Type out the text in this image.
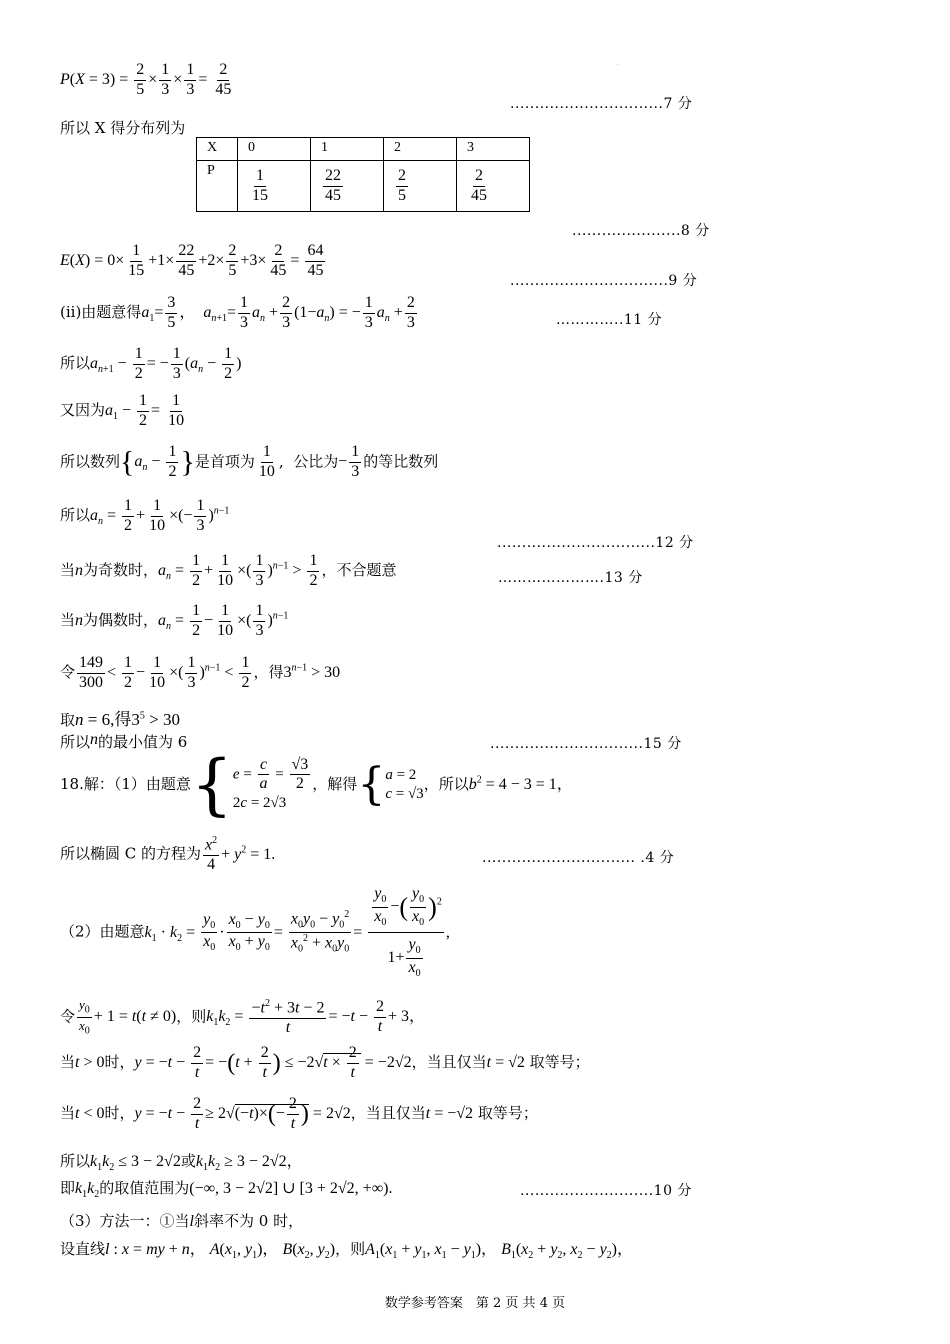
$P(X = 3) = \frac{2}{5} \times \frac{1}{3} \times \frac{1}{3} = \frac{2}{45}$	·
...............................7 分
所以 X 得分布列为
X	0	1	2	3
P	$\frac{1}{15}$	$\frac{22}{45}$	$\frac{2}{5}$	$\frac{2}{45}$
......................8 分
$E(X) = 0\times \frac{1}{15} +1\times \frac{22}{45} +2\times \frac{2}{5} +3\times \frac{2}{45} = \frac{64}{45}$
................................9 分
(ii)由题意得$a_1= \frac{3}{5}$ ，  $a_{n+1}= \frac{1}{3} a_n + \frac{2}{3} (1-a_n)$ = − $\frac{1}{3} a_n + \frac{2}{3}$	…………..11 分
所以$a_{n+1} - \frac{1}{2}$ = − $\frac{1}{3} (a_n - \frac{1}{2}$ )
又因为$a_1 - \frac{1}{2} = \frac{1}{10}$
所以数列{$a_n - \frac{1}{2}$ }是首项为 $\frac{1}{10}$ ,  公比为− $\frac{1}{3}$ 的等比数列
所以$a_n = \frac{1}{2} + \frac{1}{10}$ ×(− $\frac{1}{3} )^{n-1}$
................................12 分
当n为奇数时，$a_n = \frac{1}{2} + \frac{1}{10}$ ×( $\frac{1}{3} )^{n-1} > \frac{1}{2}$ ，不合题意	………………….13 分
当n为偶数时，$a_n = \frac{1}{2} - \frac{1}{10}$ ×( $\frac{1}{3} )^{n-1}$
令 $\frac{149}{300} < \frac{1}{2} - \frac{1}{10}$ ×( $\frac{1}{3} )^{n-1} < \frac{1}{2}$ ，得$3^{n-1} > 30$
取n = 6,得$3^5 > 30$
所以n的最小值为 6	...............................15 分
18.解：（1）由题意{ $e = \frac{c}{a} = \frac{√3}{2}$
2c = 2√3
，解得{ a = 2
c = √3
，所以$b^2 = 4 - 3 = 1$，
所以椭圆 C 的方程为 $\frac{x^2}{4} + y^2 = 1$.	............................... .4 分
（2）由题意$k_1 \cdot k_2 = \frac{y_0}{x_0} \cdot \frac{x_0 - y_0}{x_0 + y_0} = \frac{x_0y_0 - y_0^2}{x_0^2 + x_0y_0} = \frac{\frac{y_0}{x_0} -( \frac{y_0}{x_0} )^2}{1+ \frac{y_0}{x_0}}$ ,
令 $\frac{y_0}{x_0} + 1 = t(t \ne 0)$，则$k_1k_2 = \frac{-t^2 + 3t - 2}{t} = -t - \frac{2}{t} + 3$，
当t > 0时，$y = -t - \frac{2}{t} = -(t + \frac{2}{t}$ ) ≤ $-2√t \times \frac{2}{t} = -2√2$，当且仅当t = √2 取等号；
当t < 0时，$y = -t - \frac{2}{t} \ge 2√(-t)\times(- \frac{2}{t}$ ) = 2√2，当且仅当t = −√2 取等号；
所以$k_1k_2 \le 3 - 2√2$或$k_1k_2 \ge 3 - 2√2$，
即$k_1k_2$的取值范围为(−∞, 3 − 2√2] ∪ [3 + 2√2, +∞).	...........................10 分
（3）方法一：①当l斜率不为 0 时，
设直线l : x = my + n， $A(x_1$, $y_1$)， $B(x_2$, $y_2$)，则$A_1(x_1 + y_1$, $x_1 - y_1$)， $B_1(x_2 + y_2$, $x_2 - y_2$)，
数学参考答案　第 2 页 共 4 页
